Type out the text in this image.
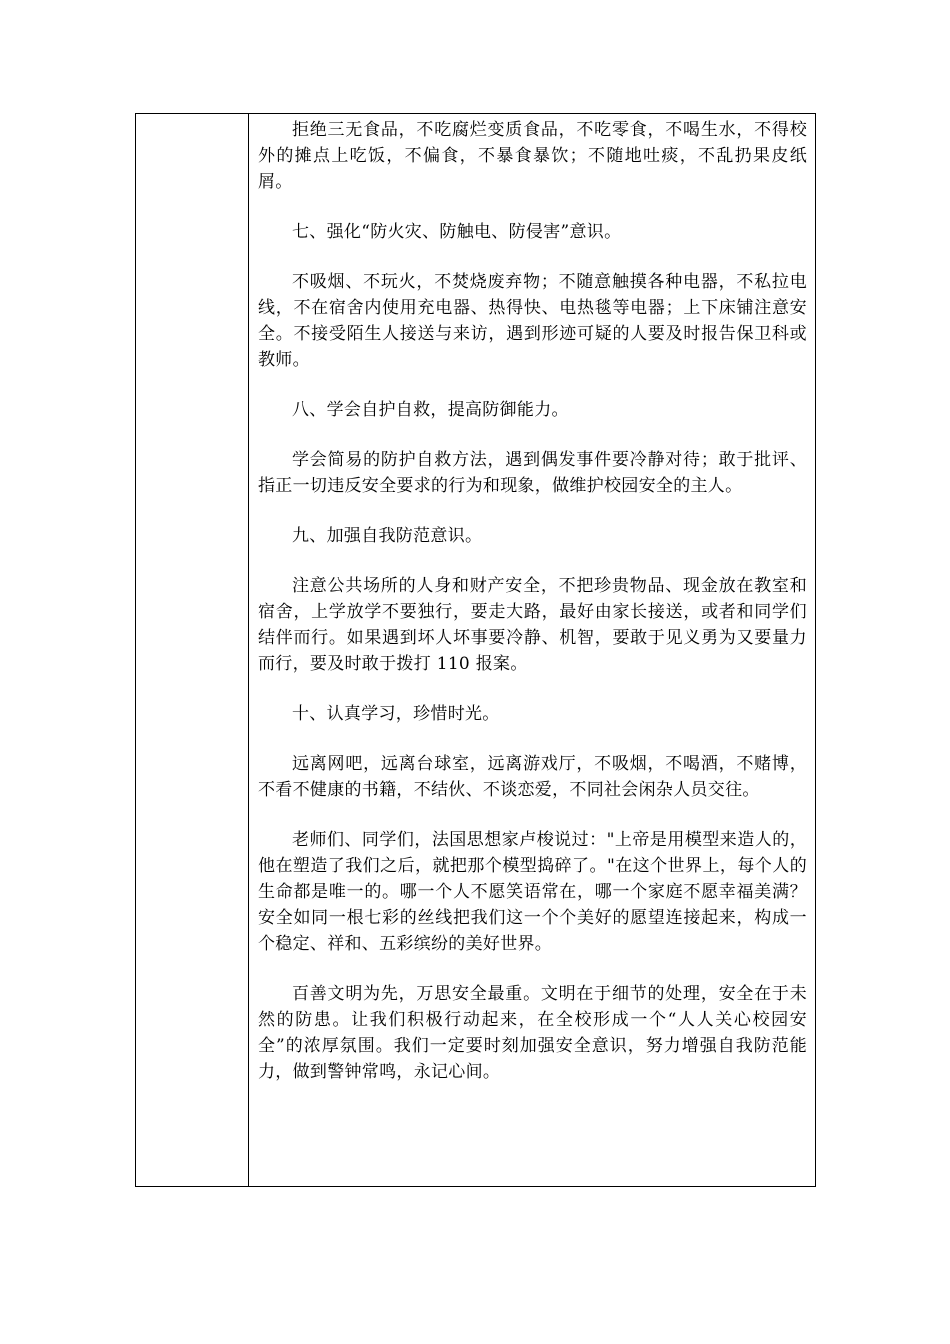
拒绝三无食品，不吃腐烂变质食品，不吃零食，不喝生水，不得校外的摊点上吃饭，不偏食，不暴食暴饮；不随地吐痰，不乱扔果皮纸屑。

七、强化“防火灾、防触电、防侵害”意识。

不吸烟、不玩火，不焚烧废弃物；不随意触摸各种电器，不私拉电线，不在宿舍内使用充电器、热得快、电热毯等电器；上下床铺注意安全。不接受陌生人接送与来访，遇到形迹可疑的人要及时报告保卫科或教师。

八、学会自护自救，提高防御能力。

学会简易的防护自救方法，遇到偶发事件要冷静对待；敢于批评、指正一切违反安全要求的行为和现象，做维护校园安全的主人。

九、加强自我防范意识。

注意公共场所的人身和财产安全，不把珍贵物品、现金放在教室和宿舍，上学放学不要独行，要走大路，最好由家长接送，或者和同学们结伴而行。如果遇到坏人坏事要冷静、机智，要敢于见义勇为又要量力而行，要及时敢于拨打 110 报案。

十、认真学习，珍惜时光。

远离网吧，远离台球室，远离游戏厅，不吸烟，不喝酒，不赌博，不看不健康的书籍，不结伙、不谈恋爱，不同社会闲杂人员交往。

老师们、同学们，法国思想家卢梭说过："上帝是用模型来造人的，他在塑造了我们之后，就把那个模型捣碎了。"在这个世界上，每个人的生命都是唯一的。哪一个人不愿笑语常在，哪一个家庭不愿幸福美满？安全如同一根七彩的丝线把我们这一个个美好的愿望连接起来，构成一个稳定、祥和、五彩缤纷的美好世界。

百善文明为先，万思安全最重。文明在于细节的处理，安全在于未然的防患。让我们积极行动起来，在全校形成一个“人人关心校园安全”的浓厚氛围。我们一定要时刻加强安全意识，努力增强自我防范能力，做到警钟常鸣，永记心间。
